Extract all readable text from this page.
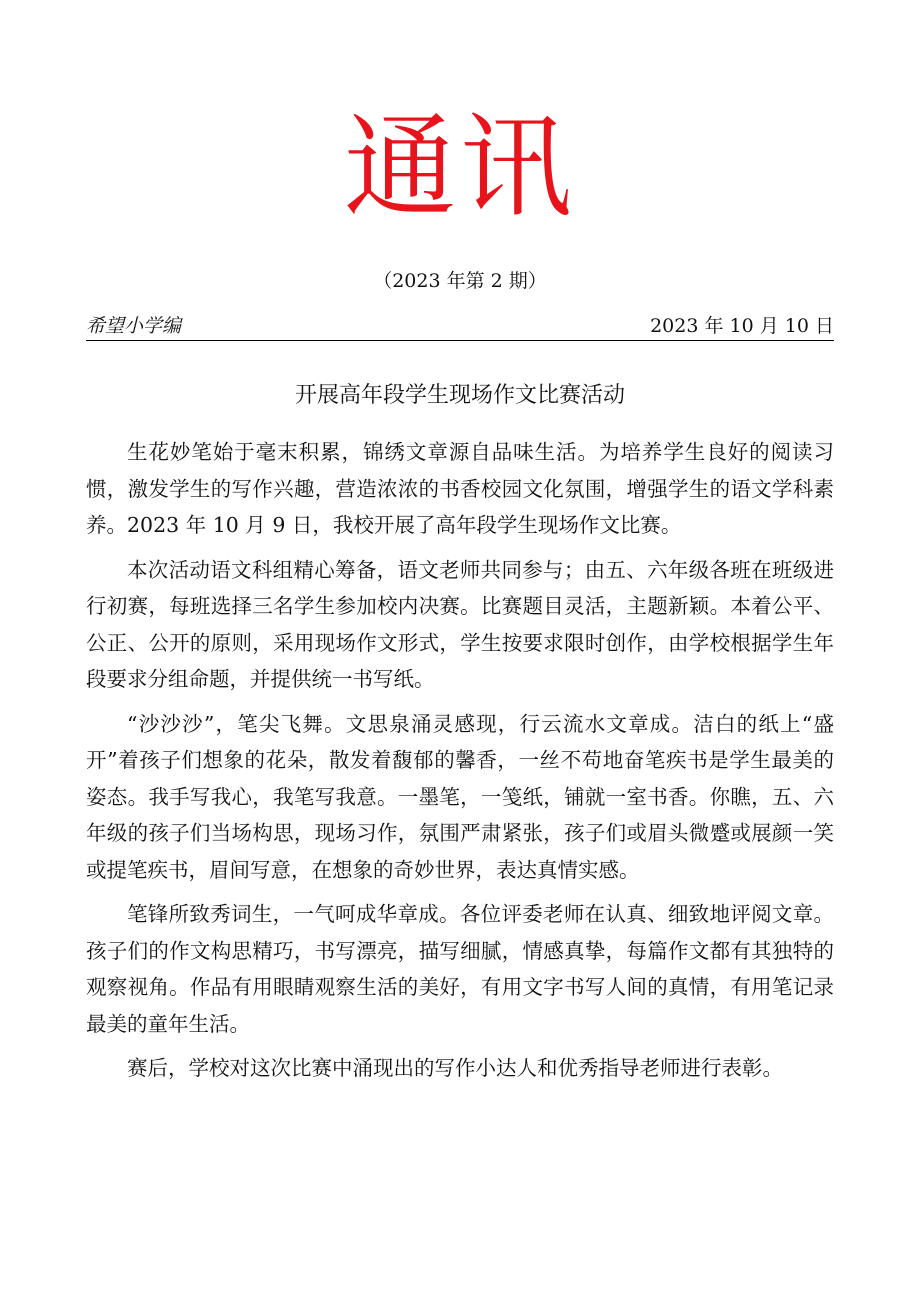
通讯
（2023 年第 2 期）
希望小学编	2023 年 10 月 10 日
开展高年段学生现场作文比赛活动

生花妙笔始于毫末积累，锦绣文章源自品味生活。为培养学生良好的阅读习惯，激发学生的写作兴趣，营造浓浓的书香校园文化氛围，增强学生的语文学科素养。2023 年 10 月 9 日，我校开展了高年段学生现场作文比赛。

本次活动语文科组精心筹备，语文老师共同参与；由五、六年级各班在班级进行初赛，每班选择三名学生参加校内决赛。比赛题目灵活，主题新颖。本着公平、公正、公开的原则，采用现场作文形式，学生按要求限时创作，由学校根据学生年段要求分组命题，并提供统一书写纸。

“沙沙沙”，笔尖飞舞。文思泉涌灵感现，行云流水文章成。洁白的纸上“盛开”着孩子们想象的花朵，散发着馥郁的馨香，一丝不苟地奋笔疾书是学生最美的姿态。我手写我心，我笔写我意。一墨笔，一笺纸，铺就一室书香。你瞧，五、六年级的孩子们当场构思，现场习作，氛围严肃紧张，孩子们或眉头微蹙或展颜一笑或提笔疾书，眉间写意，在想象的奇妙世界，表达真情实感。

笔锋所致秀词生，一气呵成华章成。各位评委老师在认真、细致地评阅文章。孩子们的作文构思精巧，书写漂亮，描写细腻，情感真挚，每篇作文都有其独特的观察视角。作品有用眼睛观察生活的美好，有用文字书写人间的真情，有用笔记录最美的童年生活。

赛后，学校对这次比赛中涌现出的写作小达人和优秀指导老师进行表彰。
